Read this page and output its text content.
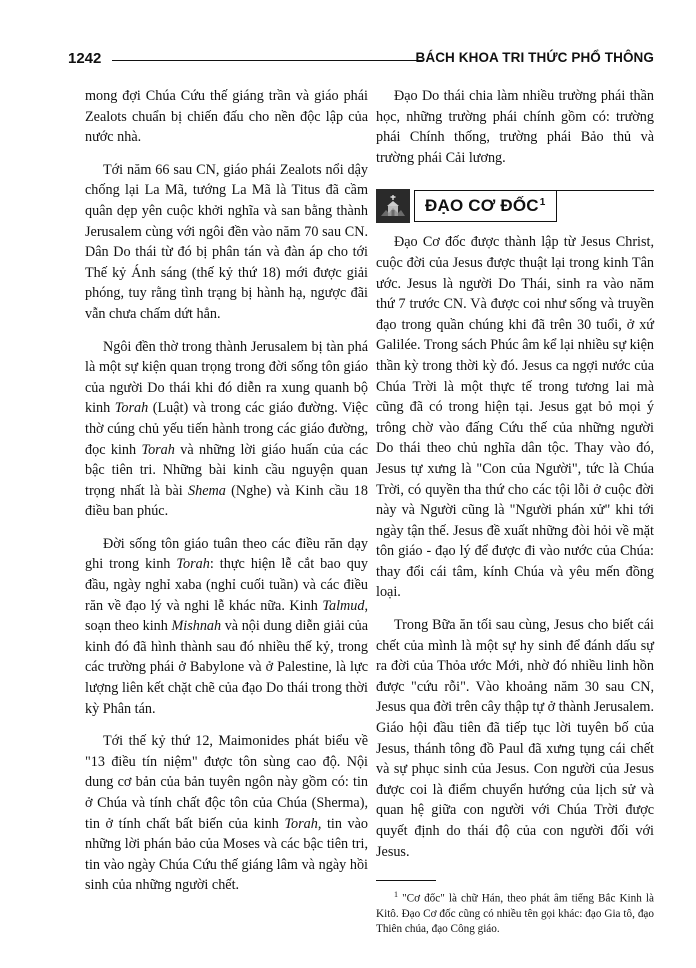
1242	BÁCH KHOA TRI THỨC PHỔ THÔNG

mong đợi Chúa Cứu thế giáng trần và giáo phái Zealots chuẩn bị chiến đấu cho nền độc lập của nước nhà.

Tới năm 66 sau CN, giáo phái Zealots nổi dậy chống lại La Mã, tướng La Mã là Titus đã cầm quân dẹp yên cuộc khởi nghĩa và san bằng thành Jerusalem cùng với ngôi đền vào năm 70 sau CN. Dân Do thái từ đó bị phân tán và đàn áp cho tới Thế kỷ Ánh sáng (thế kỷ thứ 18) mới được giải phóng, tuy rằng tình trạng bị hành hạ, ngược đãi vẫn chưa chấm dứt hẳn.

Ngôi đền thờ trong thành Jerusalem bị tàn phá là một sự kiện quan trọng trong đời sống tôn giáo của người Do thái khi đó diễn ra xung quanh bộ kinh Torah (Luật) và trong các giáo đường. Việc thờ cúng chủ yếu tiến hành trong các giáo đường, đọc kinh Torah và những lời giáo huấn của các bậc tiên tri. Những bài kinh cầu nguyện quan trọng nhất là bài Shema (Nghe) và Kinh cầu 18 điều ban phúc.

Đời sống tôn giáo tuân theo các điều răn dạy ghi trong kinh Torah: thực hiện lễ cắt bao quy đầu, ngày nghỉ xaba (nghỉ cuối tuần) và các điều răn về đạo lý và nghi lễ khác nữa. Kinh Talmud, soạn theo kinh Mishnah và nội dung diễn giải của kinh đó đã hình thành sau đó nhiều thế kỷ, trong các trường phái ở Babylone và ở Palestine, là lực lượng liên kết chặt chẽ của đạo Do thái trong thời kỳ Phân tán.

Tới thế kỷ thứ 12, Maimonides phát biểu về "13 điều tín niệm" được tôn sùng cao độ. Nội dung cơ bản của bản tuyên ngôn này gồm có: tin ở Chúa và tính chất độc tôn của Chúa (Sherma), tin ở tính chất bất biến của kinh Torah, tin vào những lời phán bảo của Moses và các bậc tiên tri, tin vào ngày Chúa Cứu thế giáng lâm và ngày hồi sinh của những người chết.

Đạo Do thái chia làm nhiều trường phái thần học, những trường phái chính gồm có: trường phái Chính thống, trường phái Bảo thủ và trường phái Cải lương.

ĐẠO CƠ ĐỐC$^1$

Đạo Cơ đốc được thành lập từ Jesus Christ, cuộc đời của Jesus được thuật lại trong kinh Tân ước. Jesus là người Do Thái, sinh ra vào năm thứ 7 trước CN. Và được coi như sống và truyền đạo trong quần chúng khi đã trên 30 tuổi, ở xứ Galilée. Trong sách Phúc âm kể lại nhiều sự kiện thần kỳ trong thời kỳ đó. Jesus ca ngợi nước của Chúa Trời là một thực tế trong tương lai mà cũng đã có trong hiện tại. Jesus gạt bỏ mọi ý trông chờ vào đấng Cứu thế của những người Do thái theo chủ nghĩa dân tộc. Thay vào đó, Jesus tự xưng là "Con của Người", tức là Chúa Trời, có quyền tha thứ cho các tội lỗi ở cuộc đời này và Người cũng là "Người phán xử" khi tới ngày tận thế. Jesus đề xuất những đòi hỏi về mặt tôn giáo - đạo lý để được đi vào nước của Chúa: thay đổi cái tâm, kính Chúa và yêu mến đồng loại.

Trong Bữa ăn tối sau cùng, Jesus cho biết cái chết của mình là một sự hy sinh để đánh dấu sự ra đời của Thỏa ước Mới, nhờ đó nhiều linh hồn được "cứu rỗi". Vào khoảng năm 30 sau CN, Jesus qua đời trên cây thập tự ở thành Jerusalem. Giáo hội đầu tiên đã tiếp tục lời tuyên bố của Jesus, thánh tông đồ Paul đã xưng tụng cái chết và sự phục sinh của Jesus. Con người của Jesus được coi là điểm chuyển hướng của lịch sử và quan hệ giữa con người với Chúa Trời được quyết định do thái độ của con người đối với Jesus.

$^1$ "Cơ đốc" là chữ Hán, theo phát âm tiếng Bắc Kinh là Kitô. Đạo Cơ đốc cũng có nhiều tên gọi khác: đạo Gia tô, đạo Thiên chúa, đạo Công giáo.
